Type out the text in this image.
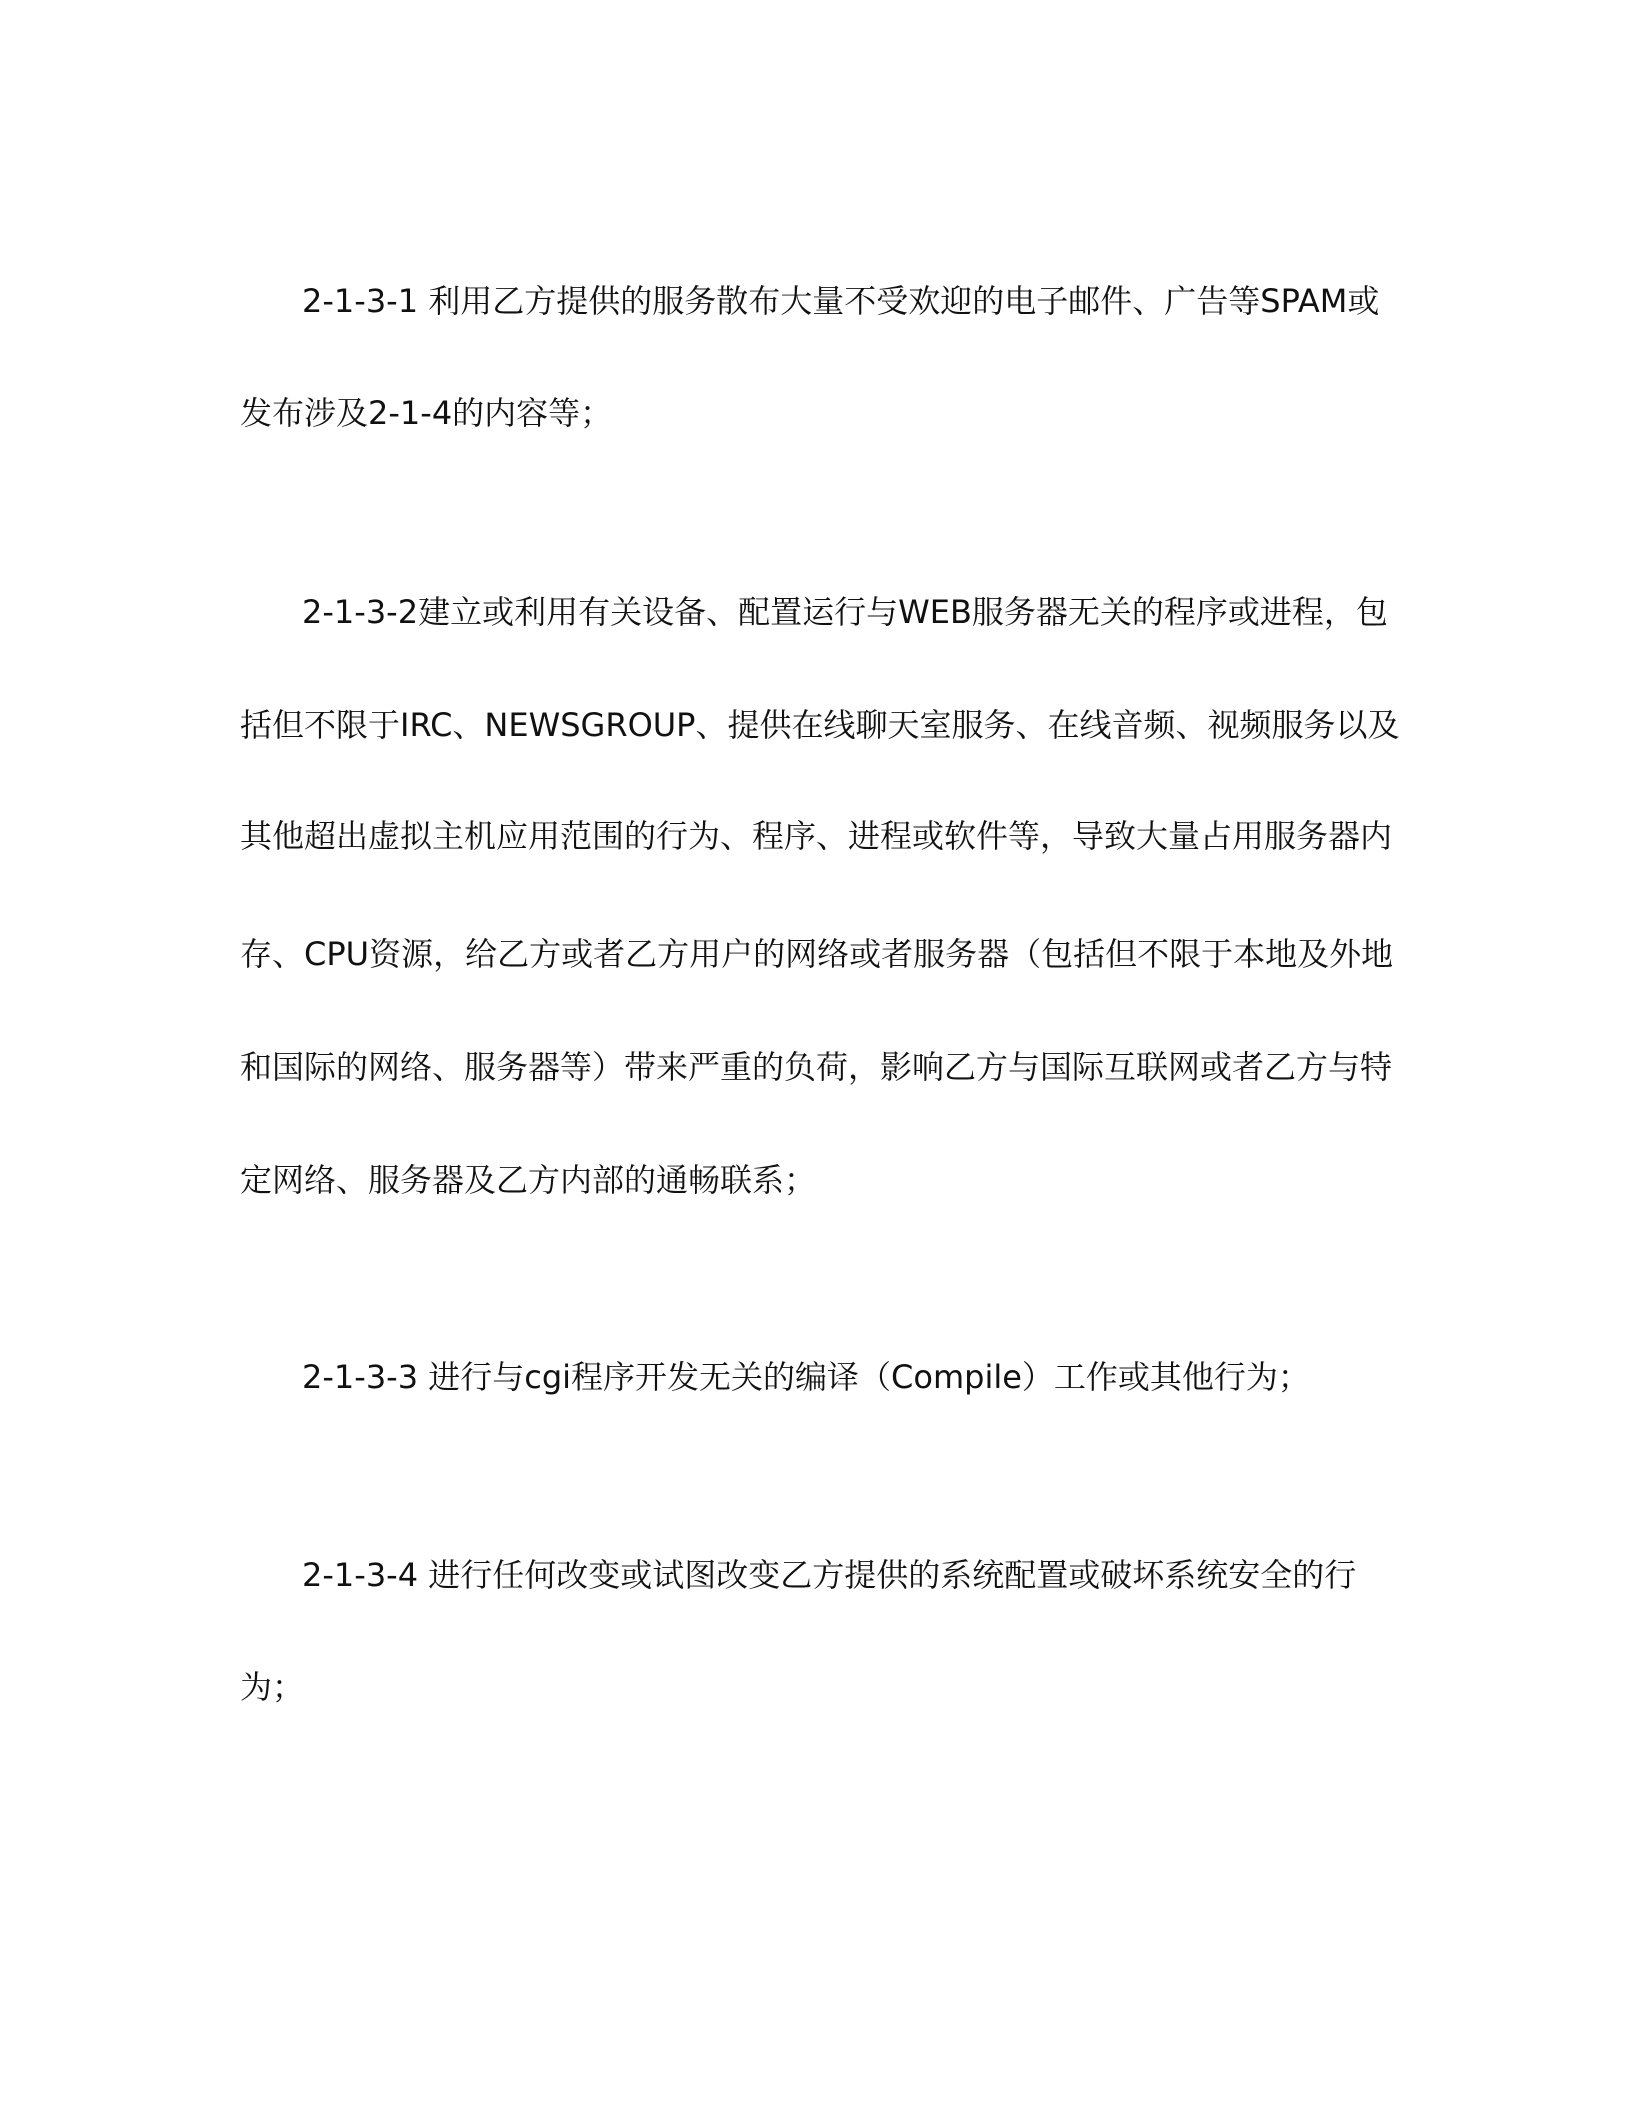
2-1-3-1 利用乙方提供的服务散布大量不受欢迎的电子邮件、广告等SPAM或
发布涉及2-1-4的内容等；
2-1-3-2建立或利用有关设备、配置运行与WEB服务器无关的程序或进程，包
括但不限于IRC、NEWSGROUP、提供在线聊天室服务、在线音频、视频服务以及
其他超出虚拟主机应用范围的行为、程序、进程或软件等，导致大量占用服务器内
存、CPU资源，给乙方或者乙方用户的网络或者服务器（包括但不限于本地及外地
和国际的网络、服务器等）带来严重的负荷，影响乙方与国际互联网或者乙方与特
定网络、服务器及乙方内部的通畅联系；
2-1-3-3 进行与cgi程序开发无关的编译（Compile）工作或其他行为；
2-1-3-4 进行任何改变或试图改变乙方提供的系统配置或破坏系统安全的行
为；
